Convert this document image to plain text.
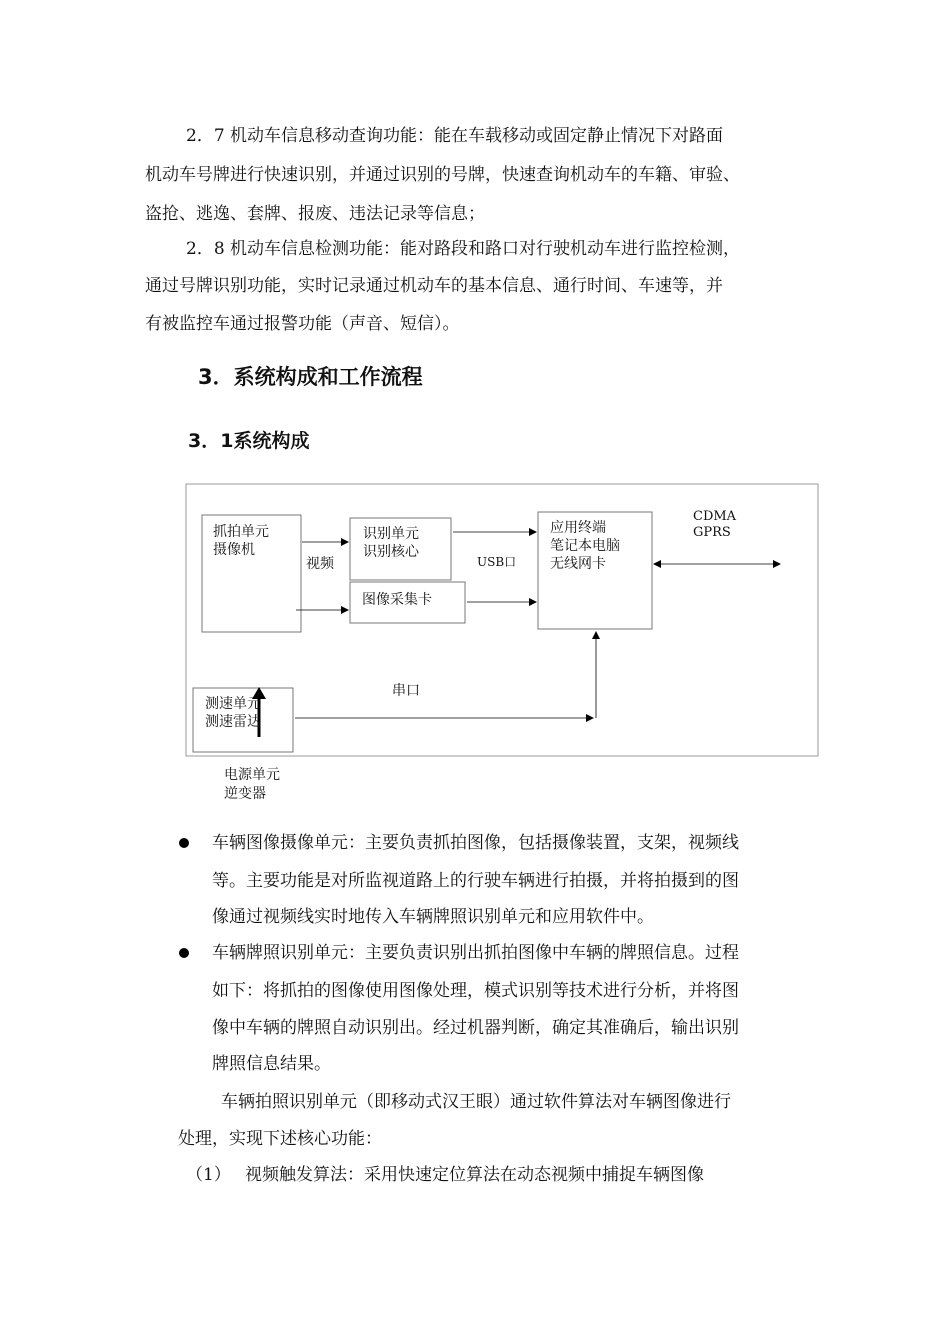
2．7 机动车信息移动查询功能：能在车载移动或固定静止情况下对路面
机动车号牌进行快速识别，并通过识别的号牌，快速查询机动车的车籍、审验、
盗抢、逃逸、套牌、报废、违法记录等信息；
2．8 机动车信息检测功能：能对路段和路口对行驶机动车进行监控检测，
通过号牌识别功能，实时记录通过机动车的基本信息、通行时间、车速等，并
有被监控车通过报警功能（声音、短信）。
3．系统构成和工作流程
3．1系统构成
抓拍单元
摄像机
视频
识别单元
识别核心
图像采集卡
USB口
应用终端
笔记本电脑
无线网卡
CDMA
GPRS
串口
测速单元
测速雷达
电源单元
逆变器
车辆图像摄像单元：主要负责抓拍图像，包括摄像装置，支架，视频线
等。主要功能是对所监视道路上的行驶车辆进行拍摄，并将拍摄到的图
像通过视频线实时地传入车辆牌照识别单元和应用软件中。
车辆牌照识别单元：主要负责识别出抓拍图像中车辆的牌照信息。过程
如下：将抓拍的图像使用图像处理，模式识别等技术进行分析，并将图
像中车辆的牌照自动识别出。经过机器判断，确定其准确后，输出识别
牌照信息结果。
车辆拍照识别单元（即移动式汉王眼）通过软件算法对车辆图像进行
处理，实现下述核心功能：
（1） 视频触发算法：采用快速定位算法在动态视频中捕捉车辆图像
